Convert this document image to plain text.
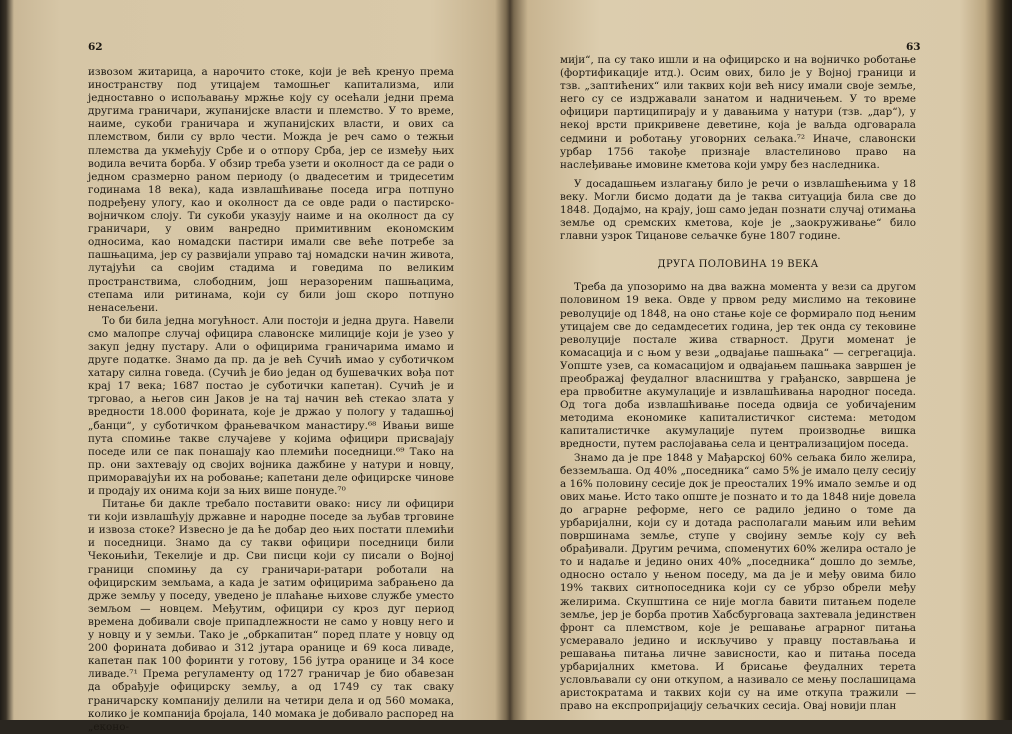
62	63

извозом житарица, а нарочито стоке, који је већ кренуо према иностранству под утицајем тамошњег капитализма, или једноставно о испољавању мржње коју су осећали једни према другима граничари, жупанијске власти и племство. У то време, наиме, сукоби граничара и жупанијских власти, и ових са племством, били су врло чести. Можда је реч само о тежњи племства да укмећују Србе и о отпору Срба, јер се између њих водила вечита борба. У обзир треба узети и околност да се ради о једном сразмерно раном периоду (о двадесетим и тридесетим годинама 18 века), када извлашћивање поседа игра потпуно подређену улогу, као и околност да се овде ради о пастирско-војничком слоју. Ти сукоби указују наиме и на околност да су граничари, у овим ванредно примитивним економским односима, као номадски пастири имали све веће потребе за пашњацима, јер су развијали управо тај номадски начин живота, лутајући са својим стадима и говедима по великим пространствима, слободним, још неразореним пашњацима, степама или ритинама, који су били још скоро потпуно ненасељени.

То би била једна могућност. Али постоји и једна друга. Навели смо малопре случај официра славонске милиције који је узео у закуп једну пустару. Али о официрима граничарима имамо и друге податке. Знамо да пр. да је већ Сучић имао у суботичком хатару силна говеда. (Сучић је био један од бушевачких вођа пoт крај 17 века; 1687 постао је суботички капетан). Сучић је и трговао, а његов син Јаков је на тај начин већ стекао злата у вредности 18.000 форината, које је држао у пологу у тадашњој „банци“, у суботичком фрањевачком манастиру.⁶⁸ Ивањи више пута спомиње такве случајеве у којима официри присвајају поседе или се пак понашају као племићи поседници.⁶⁹ Тако на пр. они захтевају од својих војника дажбине у натури и новцу, приморавајући их на робовање; капетани деле официрске чинове и продају их онима који за њих више понуде.⁷⁰

Питање би дакле требало поставити овако: нису ли официри ти који извлашћују државне и народне поседе за љубав трговине и извоза стоке? Извесно је да ће добар део њих постати племићи и поседници. Знамо да су такви официри поседници били Чекоњићи, Текелије и др. Сви писци који су писали о Војној граници спомињу да су граничари-ратари роботали на официрским земљама, а када је затим официрима забрањено да држе земљу у поседу, уведено је плаћање њихове службе уместо земљом — новцем. Међутим, официри су кроз дуг период времена добивали своје припадлежности не само у новцу него и у новцу и у земљи. Тако је „обркапитан“ поред плате у новцу од 200 форината добивао и 312 јутара оранице и 69 коса ливаде, капетан пак 100 форинти у готову, 156 јутра оранице и 34 косе ливаде.⁷¹ Према регуламенту од 1727 граничар је био обавезан да обрађује официрску земљу, а од 1749 су так сваку граничарску компанију делили на четири дела и од 560 момака, колико је компанија бројала, 140 момака је добивало распоред на „еконо-

мији“, па су тако ишли и на официрско и на војничко роботање (фортификације итд.). Осим ових, било је у Војној граници и тзв. „заптићених“ или таквих који већ нису имали своје земље, него су се издржавали занатом и надничењем. У то време официри партиципирају и у давањима у натури (тзв. „дар“), у некој врсти прикривене деветине, која је ваљда одговарала седмини и роботању уговорних сељака.⁷² Иначе, славонски урбар 1756 такође признаје властелиново право на наслеђивање имовине кметова који умру без наследника.

У досадашњем излагању било је речи о извлашћењима у 18 веку. Могли бисмо додати да је таква ситуација била све до 1848. Додајмо, на крају, још само један познати случај отимања земље од сремских кметова, које је „заокруживање“ било главни узрок Тицанове сељачке буне 1807 године.

ДРУГА ПОЛОВИНА 19 ВЕКА

Треба да упозоримо на два важна момента у вези са другом половином 19 века. Овде у првом реду мислимо на тековине револуције од 1848, на оно стање које се формирало под њеним утицајем све до седамдесетих година, јер тек онда су тековине револуције постале жива стварност. Други моменат је комасација и с њом у вези „одвајање пашњака“ — сегрегација. Уопште узев, са комасацијом и одвајањем пашњака завршен је преображај феудалног власништва у грађанско, завршена је ера првобитне акумулације и извлашћивања народног поседа. Од тога доба извлашћивање поседа одвија се уобичајеним методима економике капиталистичког система: методом капиталистичке акумулације путем производње вишка вредности, путем раслојавања села и централизацијом поседа.

Знамо да је пре 1848 у Мађарској 60% сељака било желира, безземљаша. Од 40% „поседника“ само 5% је имало целу сесију а 16% половину сесије док је преосталих 19% имало земље и од ових мање. Исто тако опште је познато и то да 1848 није довела до аграрне реформе, него се радило једино о томе да урбаријални, који су и дотада располагали мањим или већим површинама земље, ступе у својину земље коју су већ обрађивали. Другим речима, споменутих 60% желира остало је то и надаље и једино оних 40% „поседника“ дошло до земље, односно остало у њеном поседу, ма да је и међу овима било 19% таквих ситнопоседника који су се убрзо обрели међу желирима. Скупштина се није могла бавити питањем поделе земље, јер је борба против Хабсбурговаца захтевала јединствен фронт са племством, које је решавање аграрног питања усмеравало једино и искључиво у правцу постављања и решавања питања личне зависности, као и питања поседа урбаријалних кметова. И брисање феудалних терета условљавали су они откупом, а називало се мењу послашицама аристократама и таквих који су на име откупа тражили — право на експропријацију сељачких сесија. Овај новији план
